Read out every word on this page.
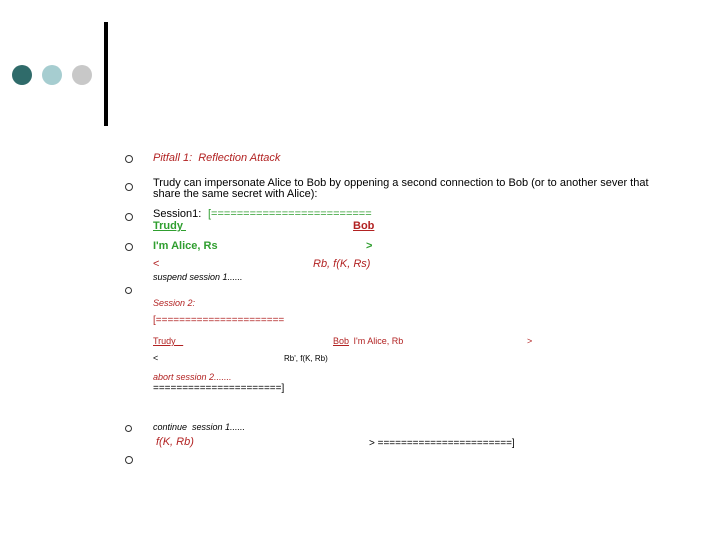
Pitfall 1:  Reflection Attack
Trudy can impersonate Alice to Bob by oppening a second connection to Bob (or to another sever that
share the same secret with Alice):
Session1: [=========================
Trudy	Bob
I'm Alice, Rs	>
<	Rb, f(K, Rs)
suspend session 1......
Session 2:
[======================
Trudy	Bob I'm Alice, Rb	>
<	Rb', f(K, Rb)
abort session 2.......
======================]
continue  session 1......
f(K, Rb)	> =======================]
